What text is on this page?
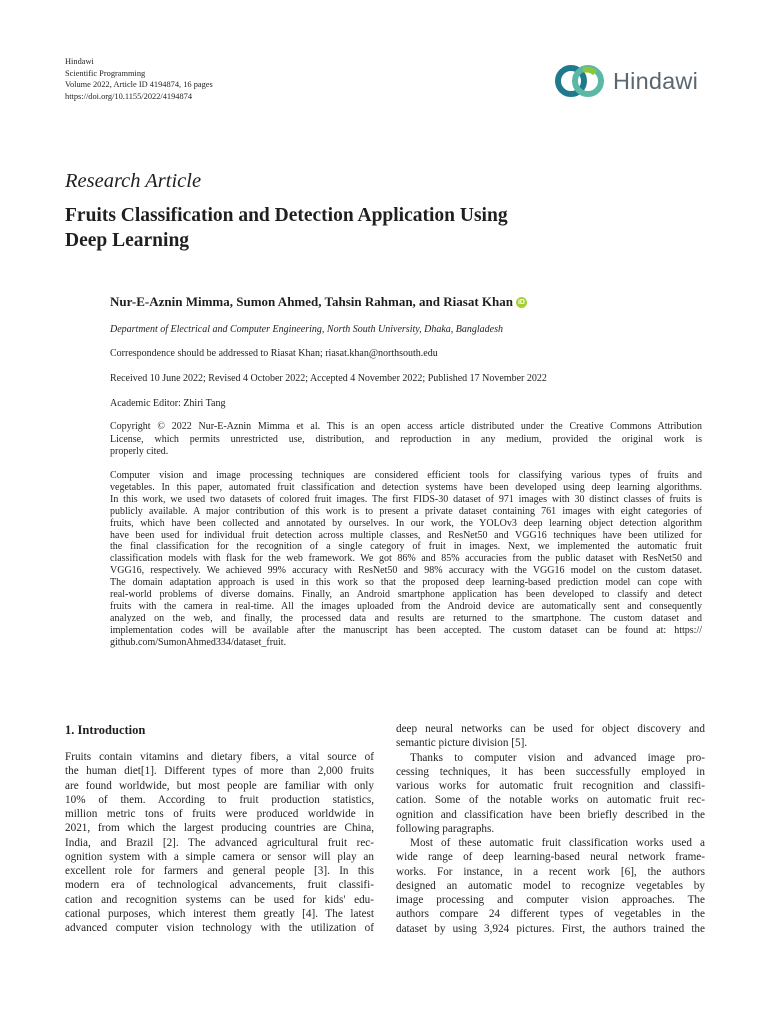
Hindawi
Scientific Programming
Volume 2022, Article ID 4194874, 16 pages
https://doi.org/10.1155/2022/4194874
Hindawi
Research Article
Fruits Classification and Detection Application Using
Deep Learning
Nur-E-Aznin Mimma, Sumon Ahmed, Tahsin Rahman, and Riasat Khan iD
Department of Electrical and Computer Engineering, North South University, Dhaka, Bangladesh
Correspondence should be addressed to Riasat Khan; riasat.khan@northsouth.edu
Received 10 June 2022; Revised 4 October 2022; Accepted 4 November 2022; Published 17 November 2022
Academic Editor: Zhiri Tang
Copyright © 2022 Nur-E-Aznin Mimma et al. This is an open access article distributed under the Creative Commons Attribution
License, which permits unrestricted use, distribution, and reproduction in any medium, provided the original work is
properly cited.
Computer vision and image processing techniques are considered efficient tools for classifying various types of fruits and
vegetables. In this paper, automated fruit classification and detection systems have been developed using deep learning algorithms.
In this work, we used two datasets of colored fruit images. The first FIDS-30 dataset of 971 images with 30 distinct classes of fruits is
publicly available. A major contribution of this work is to present a private dataset containing 761 images with eight categories of
fruits, which have been collected and annotated by ourselves. In our work, the YOLOv3 deep learning object detection algorithm
have been used for individual fruit detection across multiple classes, and ResNet50 and VGG16 techniques have been utilized for
the final classification for the recognition of a single category of fruit in images. Next, we implemented the automatic fruit
classification models with flask for the web framework. We got 86% and 85% accuracies from the public dataset with ResNet50 and
VGG16, respectively. We achieved 99% accuracy with ResNet50 and 98% accuracy with the VGG16 model on the custom dataset.
The domain adaptation approach is used in this work so that the proposed deep learning-based prediction model can cope with
real-world problems of diverse domains. Finally, an Android smartphone application has been developed to classify and detect
fruits with the camera in real-time. All the images uploaded from the Android device are automatically sent and consequently
analyzed on the web, and finally, the processed data and results are returned to the smartphone. The custom dataset and
implementation codes will be available after the manuscript has been accepted. The custom dataset can be found at: https://
github.com/SumonAhmed334/dataset_fruit.
1. Introduction
Fruits contain vitamins and dietary fibers, a vital source of
the human diet[1]. Different types of more than 2,000 fruits
are found worldwide, but most people are familiar with only
10% of them. According to fruit production statistics,
million metric tons of fruits were produced worldwide in
2021, from which the largest producing countries are China,
India, and Brazil [2]. The advanced agricultural fruit rec-
ognition system with a simple camera or sensor will play an
excellent role for farmers and general people [3]. In this
modern era of technological advancements, fruit classifi-
cation and recognition systems can be used for kids' edu-
cational purposes, which interest them greatly [4]. The latest
advanced computer vision technology with the utilization of
deep neural networks can be used for object discovery and
semantic picture division [5].
Thanks to computer vision and advanced image pro-
cessing techniques, it has been successfully employed in
various works for automatic fruit recognition and classifi-
cation. Some of the notable works on automatic fruit rec-
ognition and classification have been briefly described in the
following paragraphs.
Most of these automatic fruit classification works used a
wide range of deep learning-based neural network frame-
works. For instance, in a recent work [6], the authors
designed an automatic model to recognize vegetables by
image processing and computer vision approaches. The
authors compare 24 different types of vegetables in the
dataset by using 3,924 pictures. First, the authors trained the
